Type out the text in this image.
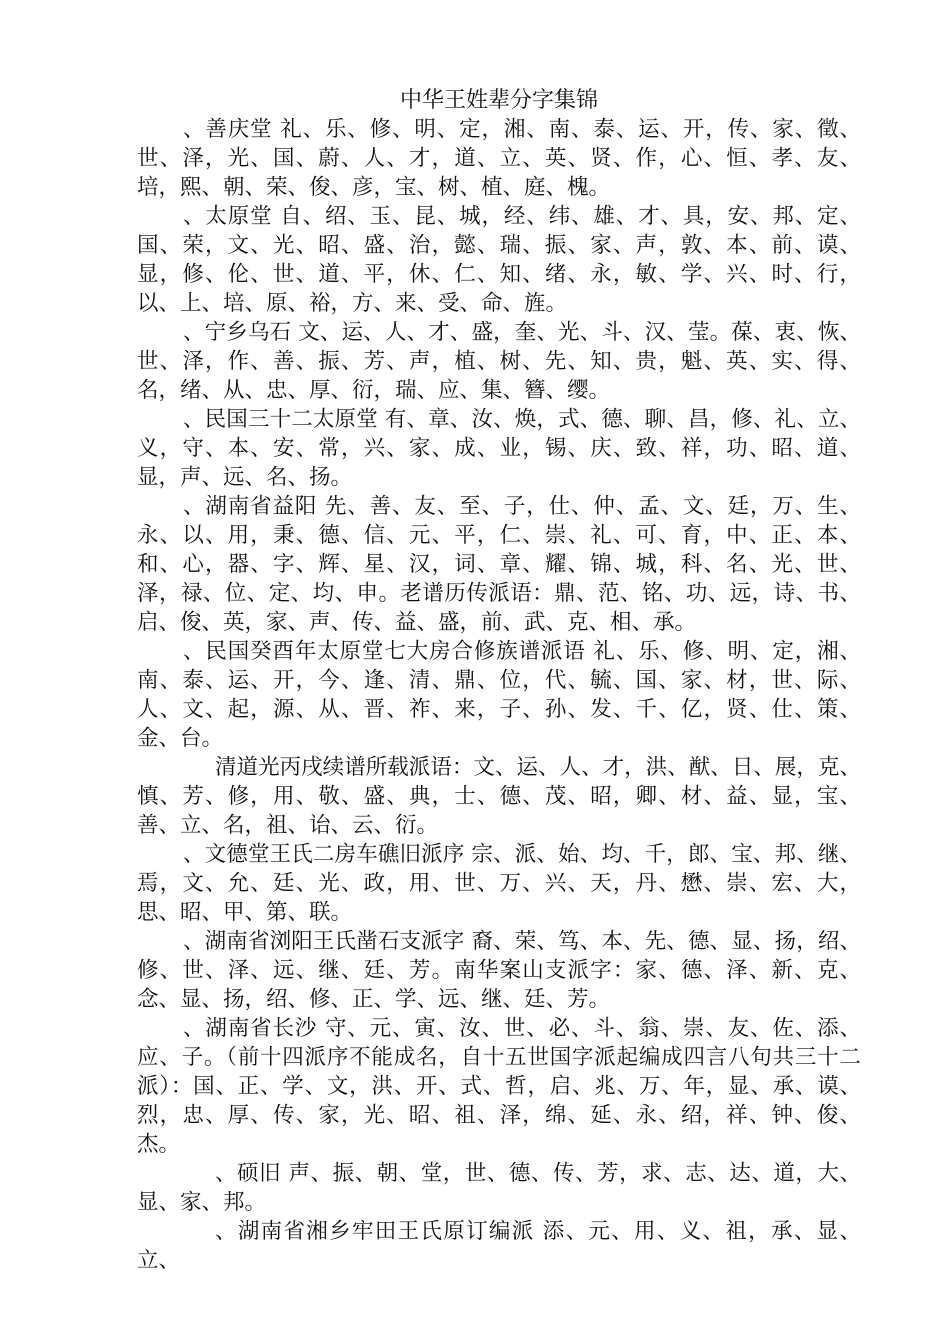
中华王姓辈分字集锦

、善庆堂 礼、乐、修、明、定，湘、南、泰、运、开，传、家、徵、世、泽，光、国、蔚、人、才，道、立、英、贤、作，心、恒、孝、友、培，熙、朝、荣、俊、彦，宝、树、植、庭、槐。

、太原堂 自、绍、玉、昆、城，经、纬、雄、才、具，安、邦、定、国、荣，文、光、昭、盛、治，懿、瑞、振、家、声，敦、本、前、谟、显，修、伦、世、道、平，休、仁、知、绪、永，敏、学、兴、时、行，以、上、培、原、裕，方、来、受、命、旌。

、宁乡乌石 文、运、人、才、盛，奎、光、斗、汉、莹。葆、衷、恢、世、泽，作、善、振、芳、声，植、树、先、知、贵，魁、英、实、得、名，绪、从、忠、厚、衍，瑞、应、集、簪、缨。

、民国三十二太原堂 有、章、汝、焕，式、德、聊、昌，修、礼、立、义，守、本、安、常，兴、家、成、业，锡、庆、致、祥，功、昭、道、显，声、远、名、扬。

、湖南省益阳 先、善、友、至、子，仕、仲、孟、文、廷，万、生、永、以、用，秉、德、信、元、平，仁、崇、礼、可、育，中、正、本、和、心，器、字、辉、星、汉，词、章、耀、锦、城，科、名、光、世、泽，禄、位、定、均、申。老谱历传派语：鼎、范、铭、功、远，诗、书、启、俊、英，家、声、传、益、盛，前、武、克、相、承。

、民国癸酉年太原堂七大房合修族谱派语 礼、乐、修、明、定，湘、南、泰、运、开，今、逢、清、鼎、位，代、毓、国、家、材，世、际、人、文、起，源、从、晋、祚、来，子、孙、发、千、亿，贤、仕、策、金、台。

清道光丙戌续谱所载派语：文、运、人、才，洪、猷、日、展，克、慎、芳、修，用、敬、盛、典，士、德、茂、昭，卿、材、益、显，宝、善、立、名，祖、诒、云、衍。

、文德堂王氏二房车礁旧派序 宗、派、始、均、千，郎、宝、邦、继、焉，文、允、廷、光、政，用、世、万、兴、天，丹、懋、崇、宏、大，思、昭、甲、第、联。

、湖南省浏阳王氏凿石支派字 裔、荣、笃、本、先、德、显、扬，绍、修、世、泽、远、继、廷、芳。南华案山支派字：家、德、泽、新、克、念、显、扬，绍、修、正、学、远、继、廷、芳。

、湖南省长沙 守、元、寅、汝、世、必、斗、翁、崇、友、佐、添、应、子。（前十四派序不能成名，自十五世国字派起编成四言八句共三十二派）：国、正、学、文，洪、开、式、哲，启、兆、万、年，显、承、谟、烈，忠、厚、传、家，光、昭、祖、泽，绵、延、永、绍，祥、钟、俊、杰。

、硕旧 声、振、朝、堂，世、德、传、芳，求、志、达、道，大、显、家、邦。

、湖南省湘乡牢田王氏原订编派 添、元、用、义、祖，承、显、立、
